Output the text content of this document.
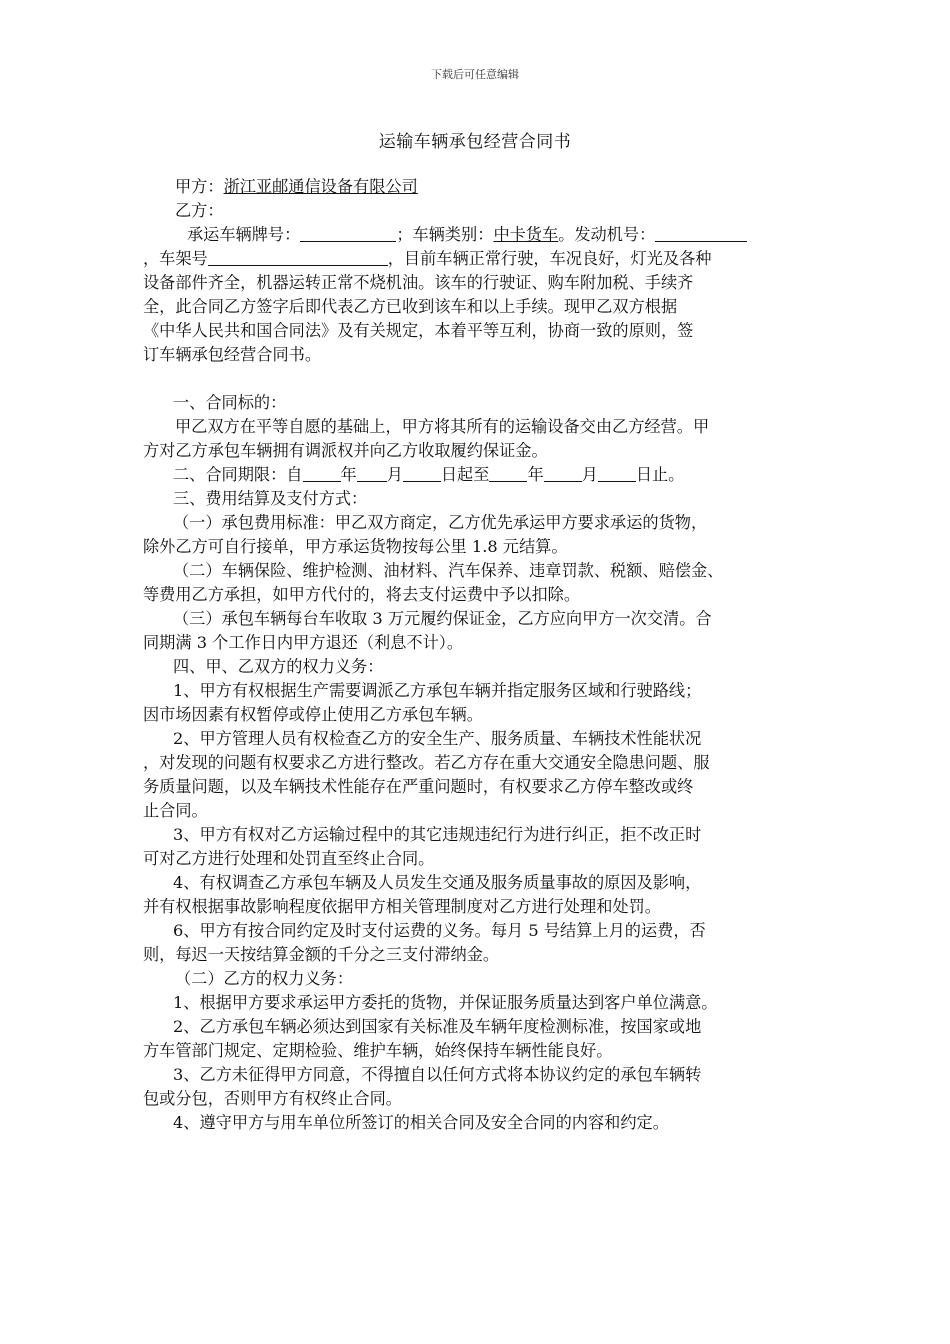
下载后可任意编辑
运输车辆承包经营合同书

甲方：浙江亚邮通信设备有限公司

乙方：

承运车辆牌号：	；车辆类别：中卡货车。发动机号：

，车架号	，目前车辆正常行驶，车况良好，灯光及各种

设备部件齐全，机器运转正常不烧机油。该车的行驶证、购车附加税、手续齐

全，此合同乙方签字后即代表乙方已收到该车和以上手续。现甲乙双方根据

《中华人民共和国合同法》及有关规定，本着平等互利，协商一致的原则，签

订车辆承包经营合同书。

一、合同标的：

甲乙双方在平等自愿的基础上，甲方将其所有的运输设备交由乙方经营。甲

方对乙方承包车辆拥有调派权并向乙方收取履约保证金。

二、合同期限：自 年 月 日起至 年 月 日止。

三、费用结算及支付方式：

（一）承包费用标准：甲乙双方商定，乙方优先承运甲方要求承运的货物，

除外乙方可自行接单，甲方承运货物按每公里 1.8 元结算。

（二）车辆保险、维护检测、油材料、汽车保养、违章罚款、税额、赔偿金、

等费用乙方承担，如甲方代付的，将去支付运费中予以扣除。

（三）承包车辆每台车收取 3 万元履约保证金，乙方应向甲方一次交清。合

同期满 3 个工作日内甲方退还（利息不计）。

四、甲、乙双方的权力义务：

1、甲方有权根据生产需要调派乙方承包车辆并指定服务区域和行驶路线；

因市场因素有权暂停或停止使用乙方承包车辆。

2、甲方管理人员有权检查乙方的安全生产、服务质量、车辆技术性能状况

，对发现的问题有权要求乙方进行整改。若乙方存在重大交通安全隐患问题、服

务质量问题，以及车辆技术性能存在严重问题时，有权要求乙方停车整改或终

止合同。

3、甲方有权对乙方运输过程中的其它违规违纪行为进行纠正，拒不改正时

可对乙方进行处理和处罚直至终止合同。

4、有权调查乙方承包车辆及人员发生交通及服务质量事故的原因及影响，

并有权根据事故影响程度依据甲方相关管理制度对乙方进行处理和处罚。

6、甲方有按合同约定及时支付运费的义务。每月 5 号结算上月的运费，否

则，每迟一天按结算金额的千分之三支付滞纳金。

（二）乙方的权力义务：

1、根据甲方要求承运甲方委托的货物，并保证服务质量达到客户单位满意。

2、乙方承包车辆必须达到国家有关标准及车辆年度检测标准，按国家或地

方车管部门规定、定期检验、维护车辆，始终保持车辆性能良好。

3、乙方未征得甲方同意，不得擅自以任何方式将本协议约定的承包车辆转

包或分包，否则甲方有权终止合同。

4、遵守甲方与用车单位所签订的相关合同及安全合同的内容和约定。
